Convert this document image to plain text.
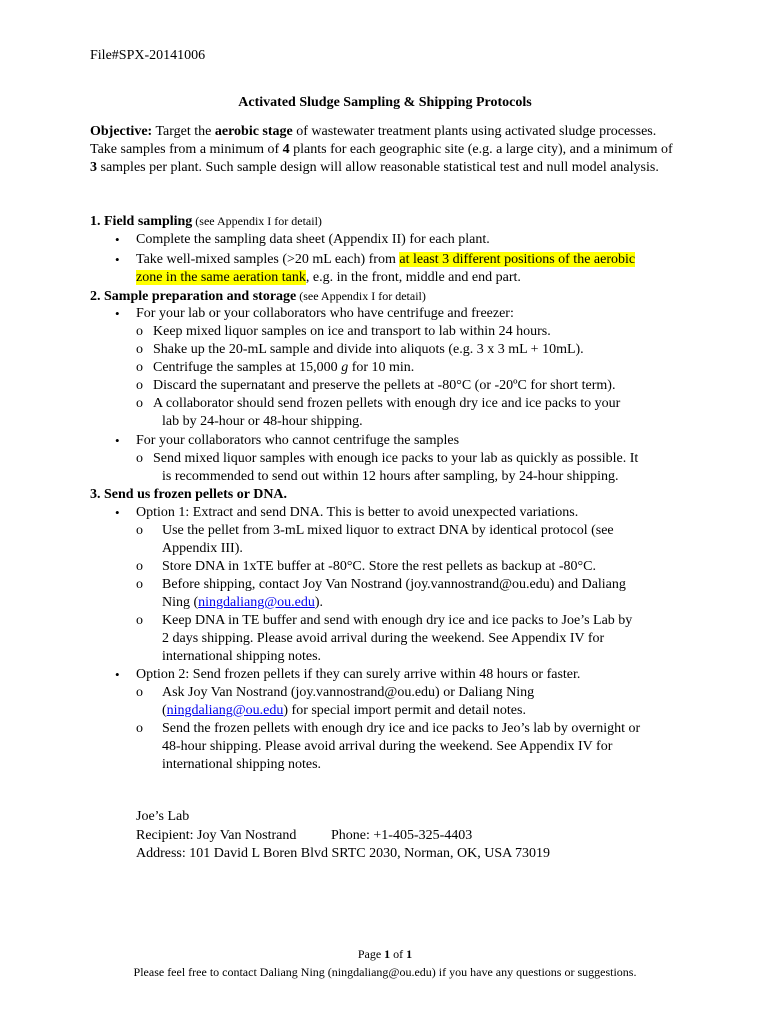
File#SPX-20141006
Activated Sludge Sampling & Shipping Protocols
Objective: Target the aerobic stage of wastewater treatment plants using activated sludge processes. Take samples from a minimum of 4 plants for each geographic site (e.g. a large city), and a minimum of 3 samples per plant. Such sample design will allow reasonable statistical test and null model analysis.
1. Field sampling (see Appendix I for detail)
• Complete the sampling data sheet (Appendix II) for each plant.
• Take well-mixed samples (>20 mL each) from at least 3 different positions of the aerobic
zone in the same aeration tank, e.g. in the front, middle and end part.
2. Sample preparation and storage (see Appendix I for detail)
• For your lab or your collaborators who have centrifuge and freezer:
o Keep mixed liquor samples on ice and transport to lab within 24 hours.
o Shake up the 20-mL sample and divide into aliquots (e.g. 3 x 3 mL + 10mL).
o Centrifuge the samples at 15,000 g for 10 min.
o Discard the supernatant and preserve the pellets at -80°C (or -20ºC for short term).
o A collaborator should send frozen pellets with enough dry ice and ice packs to your
lab by 24-hour or 48-hour shipping.
• For your collaborators who cannot centrifuge the samples
o Send mixed liquor samples with enough ice packs to your lab as quickly as possible. It
is recommended to send out within 12 hours after sampling, by 24-hour shipping.
3. Send us frozen pellets or DNA.
• Option 1: Extract and send DNA. This is better to avoid unexpected variations.
o Use the pellet from 3-mL mixed liquor to extract DNA by identical protocol (see
Appendix III).
o Store DNA in 1xTE buffer at -80°C. Store the rest pellets as backup at -80°C.
o Before shipping, contact Joy Van Nostrand (joy.vannostrand@ou.edu) and Daliang
Ning (ningdaliang@ou.edu).
o Keep DNA in TE buffer and send with enough dry ice and ice packs to Joe’s Lab by
2 days shipping. Please avoid arrival during the weekend. See Appendix IV for
international shipping notes.
• Option 2: Send frozen pellets if they can surely arrive within 48 hours or faster.
o Ask Joy Van Nostrand (joy.vannostrand@ou.edu) or Daliang Ning
(ningdaliang@ou.edu) for special import permit and detail notes.
o Send the frozen pellets with enough dry ice and ice packs to Jeo’s lab by overnight or
48-hour shipping. Please avoid arrival during the weekend. See Appendix IV for
international shipping notes.
Joe’s Lab
Recipient: Joy Van Nostrand Phone: +1-405-325-4403
Address: 101 David L Boren Blvd SRTC 2030, Norman, OK, USA 73019
Page 1 of 1
Please feel free to contact Daliang Ning (ningdaliang@ou.edu) if you have any questions or suggestions.
